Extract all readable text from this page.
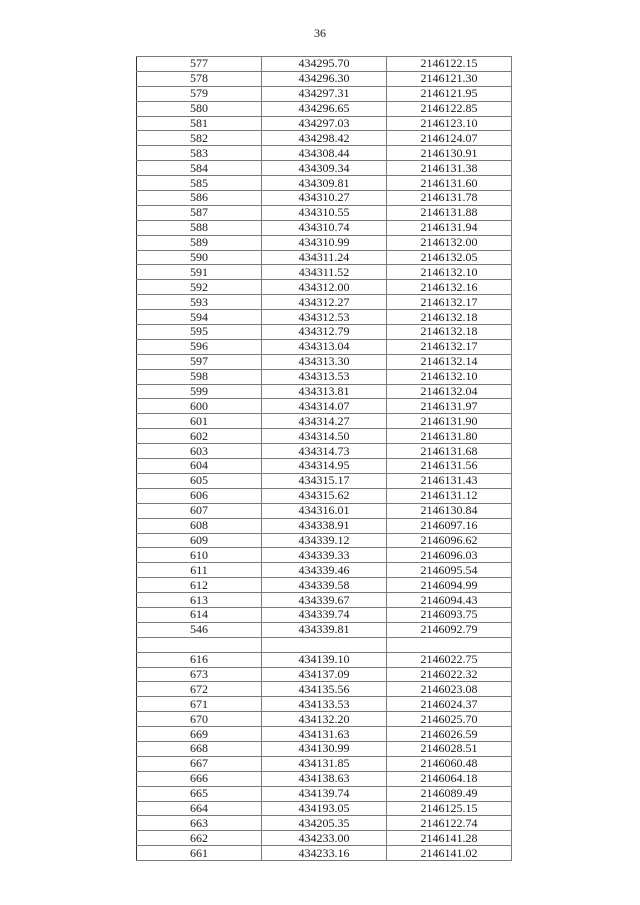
36
577	434295.70	2146122.15
578	434296.30	2146121.30
579	434297.31	2146121.95
580	434296.65	2146122.85
581	434297.03	2146123.10
582	434298.42	2146124.07
583	434308.44	2146130.91
584	434309.34	2146131.38
585	434309.81	2146131.60
586	434310.27	2146131.78
587	434310.55	2146131.88
588	434310.74	2146131.94
589	434310.99	2146132.00
590	434311.24	2146132.05
591	434311.52	2146132.10
592	434312.00	2146132.16
593	434312.27	2146132.17
594	434312.53	2146132.18
595	434312.79	2146132.18
596	434313.04	2146132.17
597	434313.30	2146132.14
598	434313.53	2146132.10
599	434313.81	2146132.04
600	434314.07	2146131.97
601	434314.27	2146131.90
602	434314.50	2146131.80
603	434314.73	2146131.68
604	434314.95	2146131.56
605	434315.17	2146131.43
606	434315.62	2146131.12
607	434316.01	2146130.84
608	434338.91	2146097.16
609	434339.12	2146096.62
610	434339.33	2146096.03
611	434339.46	2146095.54
612	434339.58	2146094.99
613	434339.67	2146094.43
614	434339.74	2146093.75
546	434339.81	2146092.79

616	434139.10	2146022.75
673	434137.09	2146022.32
672	434135.56	2146023.08
671	434133.53	2146024.37
670	434132.20	2146025.70
669	434131.63	2146026.59
668	434130.99	2146028.51
667	434131.85	2146060.48
666	434138.63	2146064.18
665	434139.74	2146089.49
664	434193.05	2146125.15
663	434205.35	2146122.74
662	434233.00	2146141.28
661	434233.16	2146141.02
